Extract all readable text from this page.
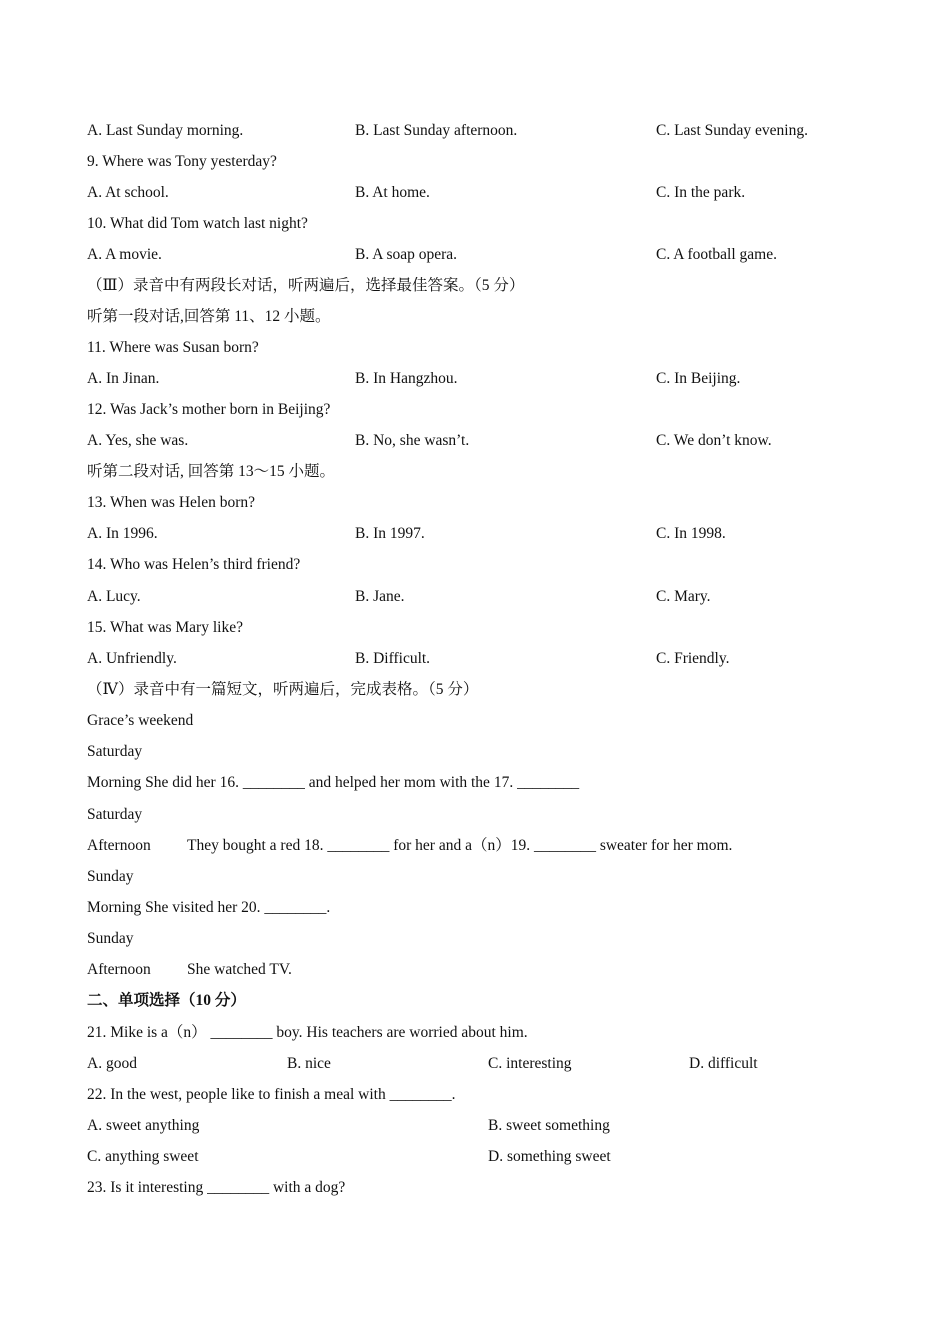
A. Last Sunday morning.	B. Last Sunday afternoon.	C. Last Sunday evening.
9. Where was Tony yesterday?
A. At school.	B. At home.	C. In the park.
10. What did Tom watch last night?
A. A movie.	B. A soap opera.	C. A football game.
（Ⅲ）录音中有两段长对话，听两遍后，选择最佳答案。（5 分）
听第一段对话,回答第 11、12 小题。
11. Where was Susan born?
A. In Jinan.	B. In Hangzhou.	C. In Beijing.
12. Was Jack’s mother born in Beijing?
A. Yes, she was.	B. No, she wasn’t.	C. We don’t know.
听第二段对话, 回答第 13～15 小题。
13. When was Helen born?
A. In 1996.	B. In 1997.	C. In 1998.
14. Who was Helen’s third friend?
A. Lucy.	B. Jane.	C. Mary.
15. What was Mary like?
A. Unfriendly.	B. Difficult.	C. Friendly.
（Ⅳ）录音中有一篇短文，听两遍后，完成表格。（5 分）
Grace’s weekend
Saturday
Morning She did her 16. ________ and helped her mom with the 17. ________
Saturday
Afternoon They bought a red 18. ________ for her and a（n）19. ________ sweater for her mom.
Sunday
Morning She visited her 20. ________.
Sunday
Afternoon She watched TV.
二、单项选择（10 分）
21. Mike is a（n） ________ boy. His teachers are worried about him.
A. good	B. nice	C. interesting	D. difficult
22. In the west, people like to finish a meal with ________.
A. sweet anything	B. sweet something
C. anything sweet	D. something sweet
23. Is it interesting ________ with a dog?
